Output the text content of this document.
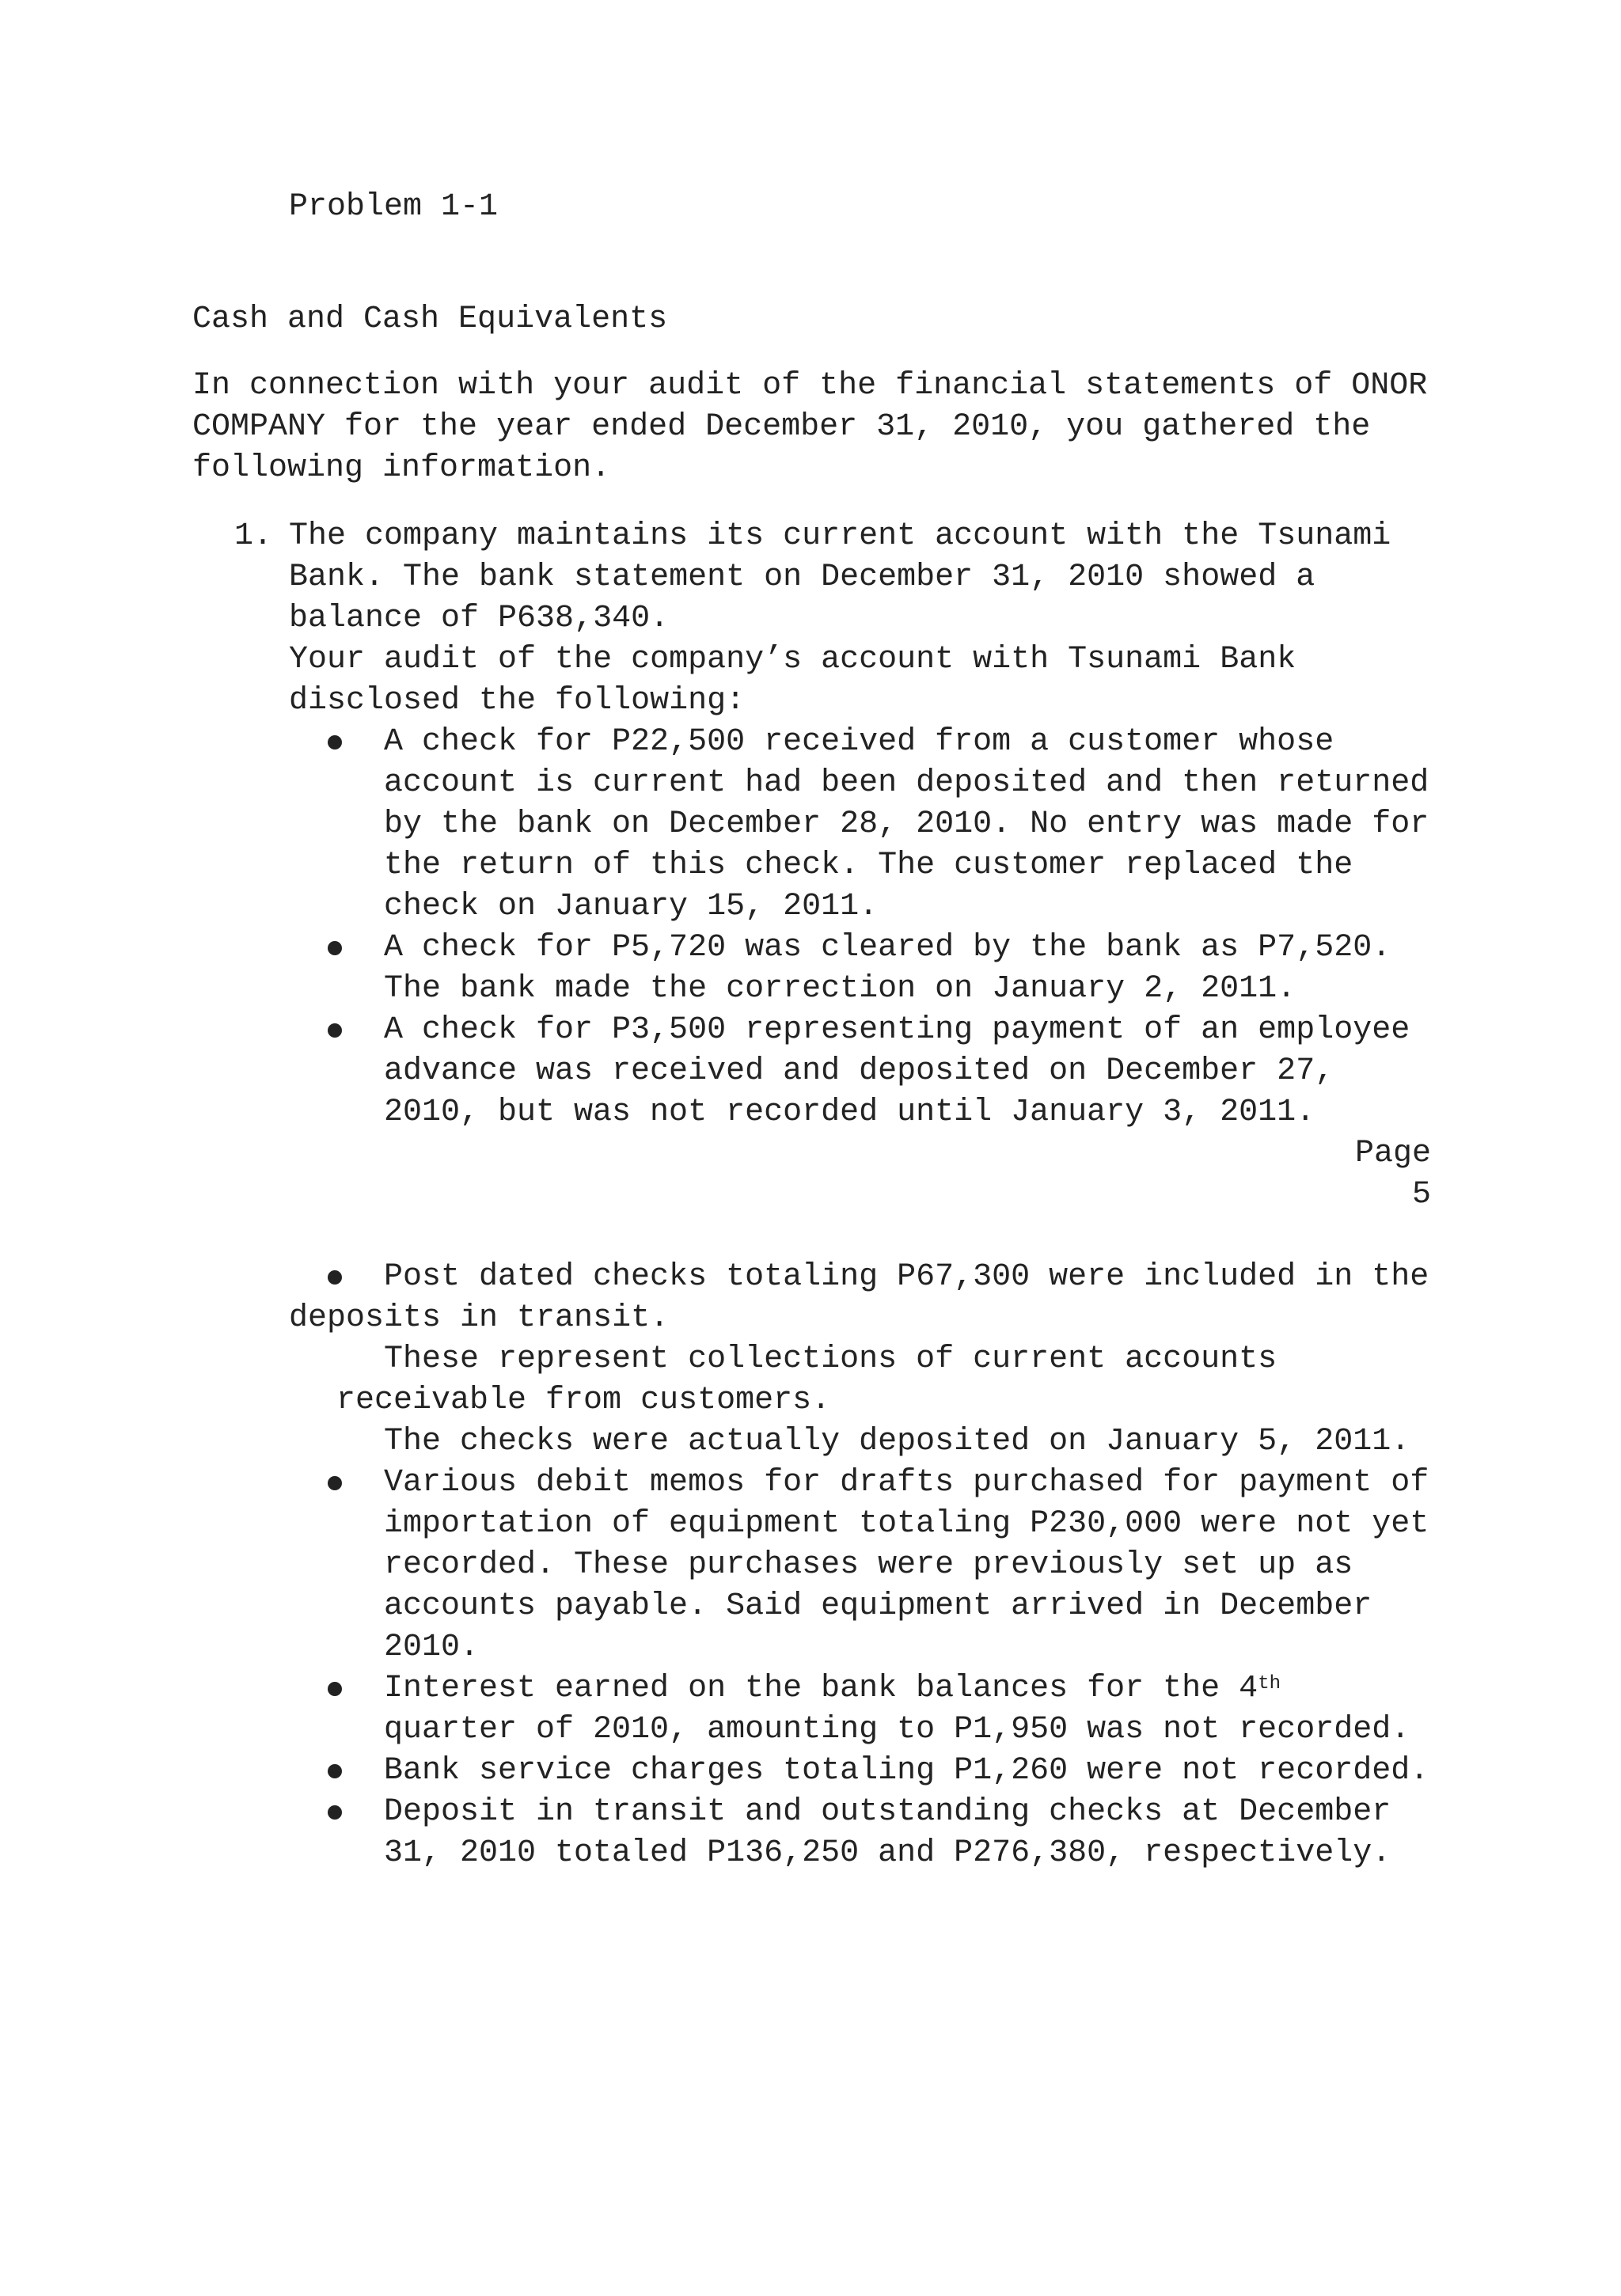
Problem 1-1
Cash and Cash Equivalents
In connection with your audit of the financial statements of ONOR
COMPANY for the year ended December 31, 2010, you gathered the
following information.
1. The company maintains its current account with the Tsunami
Bank. The bank statement on December 31, 2010 showed a
balance of P638,340.
Your audit of the company’s account with Tsunami Bank
disclosed the following:
A check for P22,500 received from a customer whose
account is current had been deposited and then returned
by the bank on December 28, 2010. No entry was made for
the return of this check. The customer replaced the
check on January 15, 2011.
A check for P5,720 was cleared by the bank as P7,520.
The bank made the correction on January 2, 2011.
A check for P3,500 representing payment of an employee
advance was received and deposited on December 27,
2010, but was not recorded until January 3, 2011.
Page
5
Post dated checks totaling P67,300 were included in the
deposits in transit.
These represent collections of current accounts
receivable from customers.
The checks were actually deposited on January 5, 2011.
Various debit memos for drafts purchased for payment of
importation of equipment totaling P230,000 were not yet
recorded. These purchases were previously set up as
accounts payable. Said equipment arrived in December
2010.
Interest earned on the bank balances for the 4th
quarter of 2010, amounting to P1,950 was not recorded.
Bank service charges totaling P1,260 were not recorded.
Deposit in transit and outstanding checks at December
31, 2010 totaled P136,250 and P276,380, respectively.
